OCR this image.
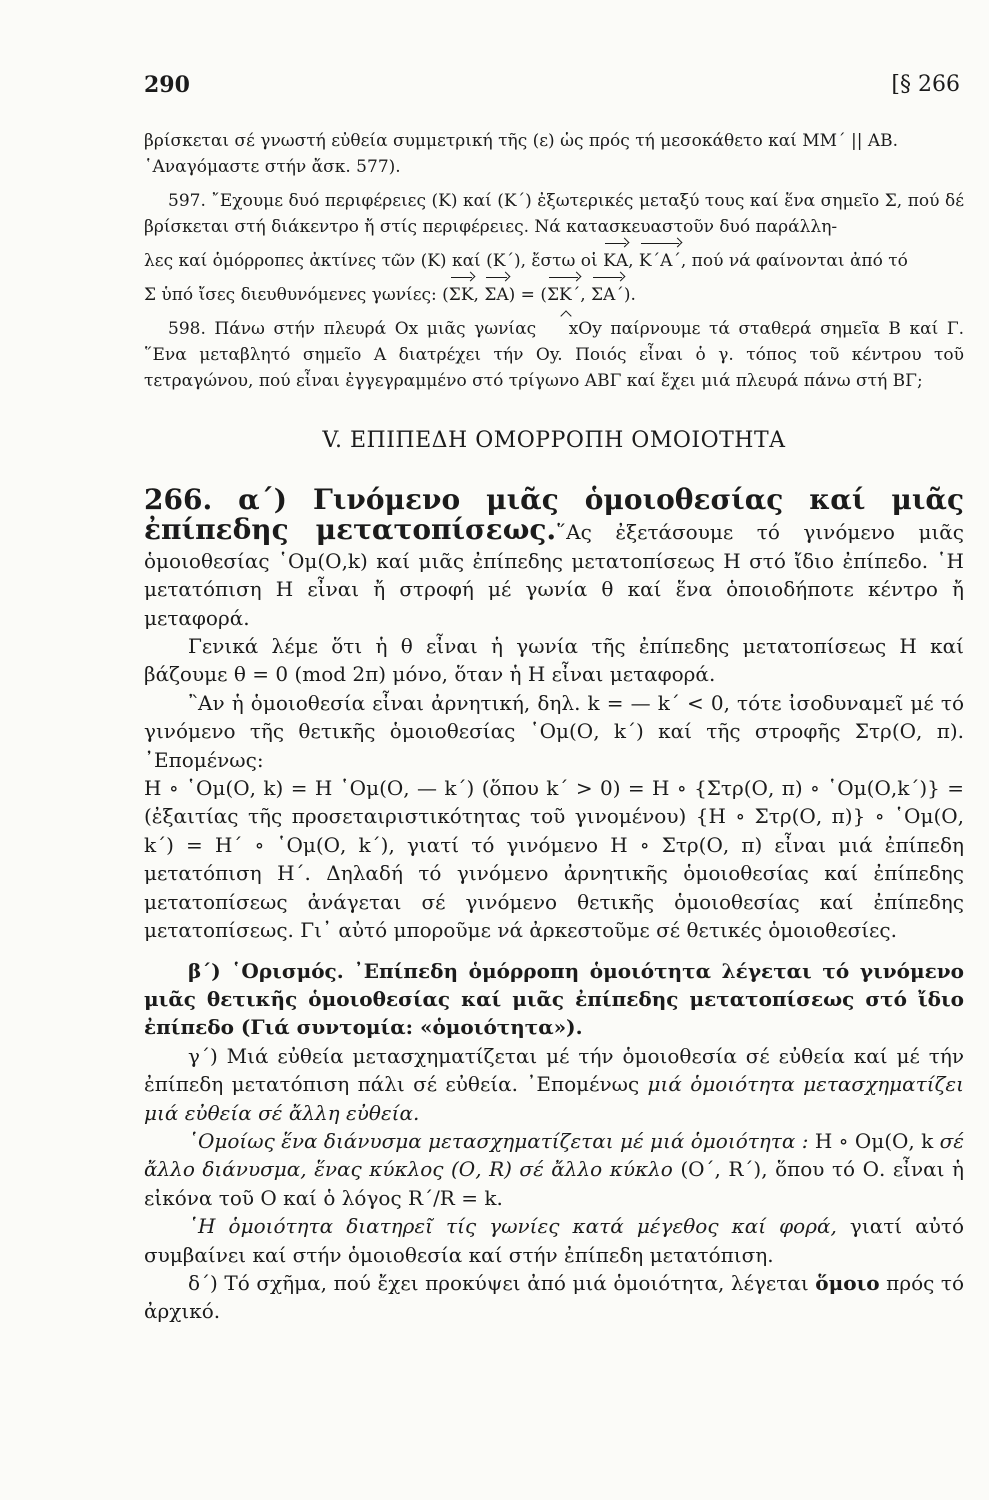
290	[§ 266

βρίσκεται σέ γνωστή εὐθεία συμμετρική τῆς (ε) ὡς πρός τή μεσοκάθετο καί ΜΜ΄ || ΑΒ.

῾Αναγόμαστε στήν ἄσκ. 577).

597. ῎Εχουμε δυό περιφέρειες (Κ) καί (Κ΄) ἐξωτερικές μεταξύ τους καί ἕνα σημεῖο Σ, πού δέ βρίσκεται στή διάκεντρο ἤ στίς περιφέρειες. Νά κατασκευαστοῦν δυό παράλλη-

λες καί ὁμόρροπες ἀκτίνες τῶν (Κ) καί (Κ΄), ἔστω οἱ ΚΑ, Κ΄Α΄, πού νά φαίνονται ἀπό τό

Σ ὑπό ἴσες διευθυνόμενες γωνίες: (ΣΚ, ΣΑ) = (ΣΚ΄, ΣΑ΄).

598. Πάνω στήν πλευρά Οx μιᾶς γωνίας xOy παίρνουμε τά σταθερά σημεῖα Β καί Γ. ῞Ενα μεταβλητό σημεῖο Α διατρέχει τήν Οy. Ποιός εἶναι ὁ γ. τόπος τοῦ κέντρου τοῦ τετραγώνου, πού εἶναι ἐγγεγραμμένο στό τρίγωνο ΑΒΓ καί ἔχει μιά πλευρά πάνω στή ΒΓ;

V. ΕΠΙΠΕΔΗ ΟΜΟΡΡΟΠΗ ΟΜΟΙΟΤΗΤΑ

266. α΄) Γινόμενο μιᾶς ὁμοιοθεσίας καί μιᾶς ἐπίπεδης μετατοπίσεως.῞Ας ἐξετάσουμε τό γινόμενο μιᾶς ὁμοιοθεσίας ῾Ομ(Ο,k) καί μιᾶς ἐπίπεδης μετατοπίσεως Η στό ἴδιο ἐπίπεδο. ῾Η μετατόπιση Η εἶναι ἤ στροφή μέ γωνία θ καί ἕνα ὁποιοδήποτε κέντρο ἤ μεταφορά.

Γενικά λέμε ὅτι ἡ θ εἶναι ἡ γωνία τῆς ἐπίπεδης μετατοπίσεως Η καί βάζουμε θ = 0 (mod 2π) μόνο, ὅταν ἡ Η εἶναι μεταφορά.

῍Αν ἡ ὁμοιοθεσία εἶναι ἀρνητική, δηλ. k = — k΄ < 0, τότε ἰσοδυναμεῖ μέ τό γινόμενο τῆς θετικῆς ὁμοιοθεσίας ῾Ομ(Ο, k΄) καί τῆς στροφῆς Στρ(Ο, π). ᾿Επομένως:

Η ∘ ῾Ομ(Ο, k) = Η ῾Ομ(Ο, — k΄) (ὅπου k΄ > 0) = Η ∘ {Στρ(Ο, π) ∘ ῾Ομ(Ο,k΄)} = (ἐξαιτίας τῆς προσεταιριστικότητας τοῦ γινομένου) {Η ∘ Στρ(Ο, π)} ∘ ῾Ομ(Ο, k΄) = Η΄ ∘ ῾Ομ(Ο, k΄), γιατί τό γινόμενο Η ∘ Στρ(Ο, π) εἶναι μιά ἐπίπεδη μετατόπιση Η΄. Δηλαδή τό γινόμενο ἀρνητικῆς ὁμοιοθεσίας καί ἐπίπεδης μετατοπίσεως ἀνάγεται σέ γινόμενο θετικῆς ὁμοιοθεσίας καί ἐπίπεδης μετατοπίσεως. Γι᾿ αὐτό μποροῦμε νά ἀρκεστοῦμε σέ θετικές ὁμοιοθεσίες.

β΄) ῾Ορισμός. ᾿Επίπεδη ὁμόρροπη ὁμοιότητα λέγεται τό γινόμενο μιᾶς θετικῆς ὁμοιοθεσίας καί μιᾶς ἐπίπεδης μετατοπίσεως στό ἴδιο ἐπίπεδο (Γιά συντομία: «ὁμοιότητα»).

γ΄) Μιά εὐθεία μετασχηματίζεται μέ τήν ὁμοιοθεσία σέ εὐθεία καί μέ τήν ἐπίπεδη μετατόπιση πάλι σέ εὐθεία. ᾿Επομένως μιά ὁμοιότητα μετασχηματίζει μιά εὐθεία σέ ἄλλη εὐθεία.

῾Ομοίως ἕνα διάνυσμα μετασχηματίζεται μέ μιά ὁμοιότητα : Η ∘ Ομ(Ο, k σέ ἄλλο διάνυσμα, ἕνας κύκλος (Ο, R) σέ ἄλλο κύκλο (Ο΄, R΄), ὅπου τό Ο. εἶναι ἡ εἰκόνα τοῦ Ο καί ὁ λόγος R΄/R = k.

῾Η ὁμοιότητα διατηρεῖ τίς γωνίες κατά μέγεθος καί φορά, γιατί αὐτό συμβαίνει καί στήν ὁμοιοθεσία καί στήν ἐπίπεδη μετατόπιση.

δ΄) Τό σχῆμα, πού ἔχει προκύψει ἀπό μιά ὁμοιότητα, λέγεται ὅμοιο πρός τό ἀρχικό.
